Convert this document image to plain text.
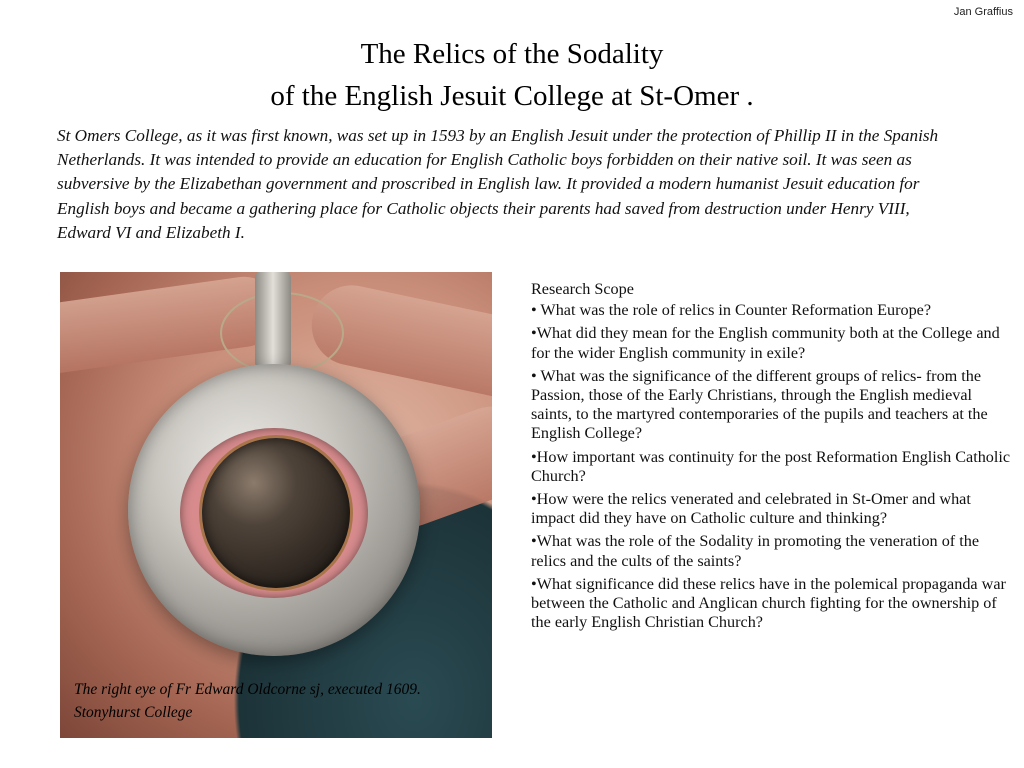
Jan Graffius
The Relics of the Sodality
of the English Jesuit College at St-Omer .
St Omers College, as it was first known, was set up in 1593 by an English Jesuit under the protection of Phillip II in the Spanish Netherlands. It was intended to provide an education for English Catholic boys forbidden on their native soil. It was seen as subversive by the Elizabethan government and proscribed in English law. It provided a modern humanist Jesuit education for English boys and became a gathering place for Catholic objects their parents had saved from destruction under Henry VIII, Edward VI and Elizabeth I.
The right eye of Fr Edward Oldcorne sj, executed 1609. Stonyhurst College
Research Scope
• What was the role of relics in Counter Reformation Europe?
•What did they mean for the English community both at the College and for the wider English community in exile?
• What was the significance of the different groups of relics- from the Passion, those of the Early Christians, through the English medieval saints, to the martyred contemporaries of the pupils and teachers at the English College?
•How important was continuity for the post Reformation English Catholic Church?
•How were the relics venerated and celebrated in St-Omer and what impact did they have on Catholic culture and thinking?
•What was the role of the Sodality in promoting the veneration of the relics and the cults of the saints?
•What significance did these relics have in the polemical propaganda war between the Catholic and Anglican church fighting for the ownership of the early English Christian Church?
